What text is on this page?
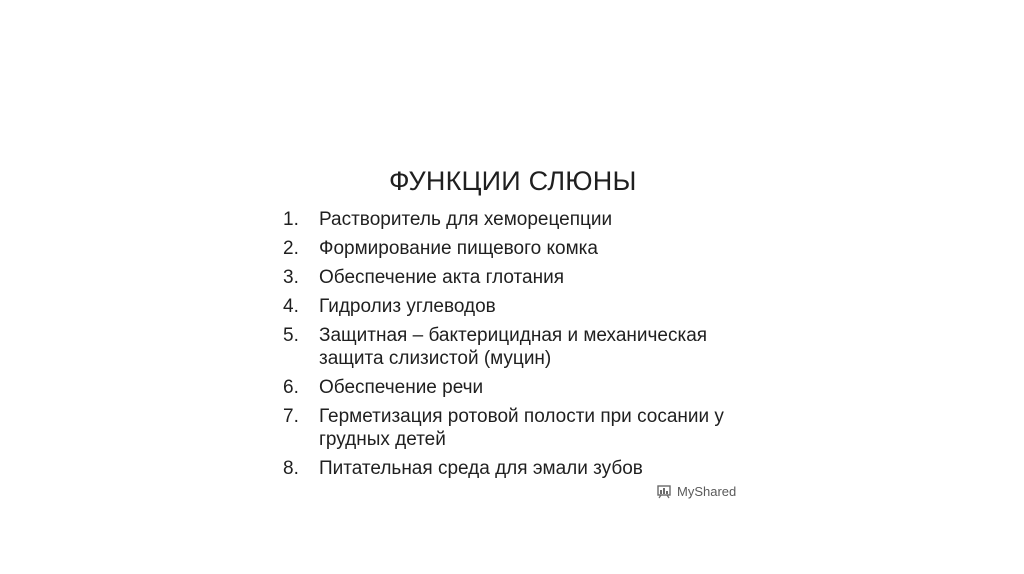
ФУНКЦИИ СЛЮНЫ
1.	Растворитель для хеморецепции
2.	Формирование пищевого комка
3.	Обеспечение акта глотания
4.	Гидролиз углеводов
5.	Защитная – бактерицидная и механическая защита слизистой (муцин)
6.	Обеспечение речи
7.	Герметизация ротовой полости при сосании у грудных детей
8.	Питательная среда для эмали зубов
MyShared
